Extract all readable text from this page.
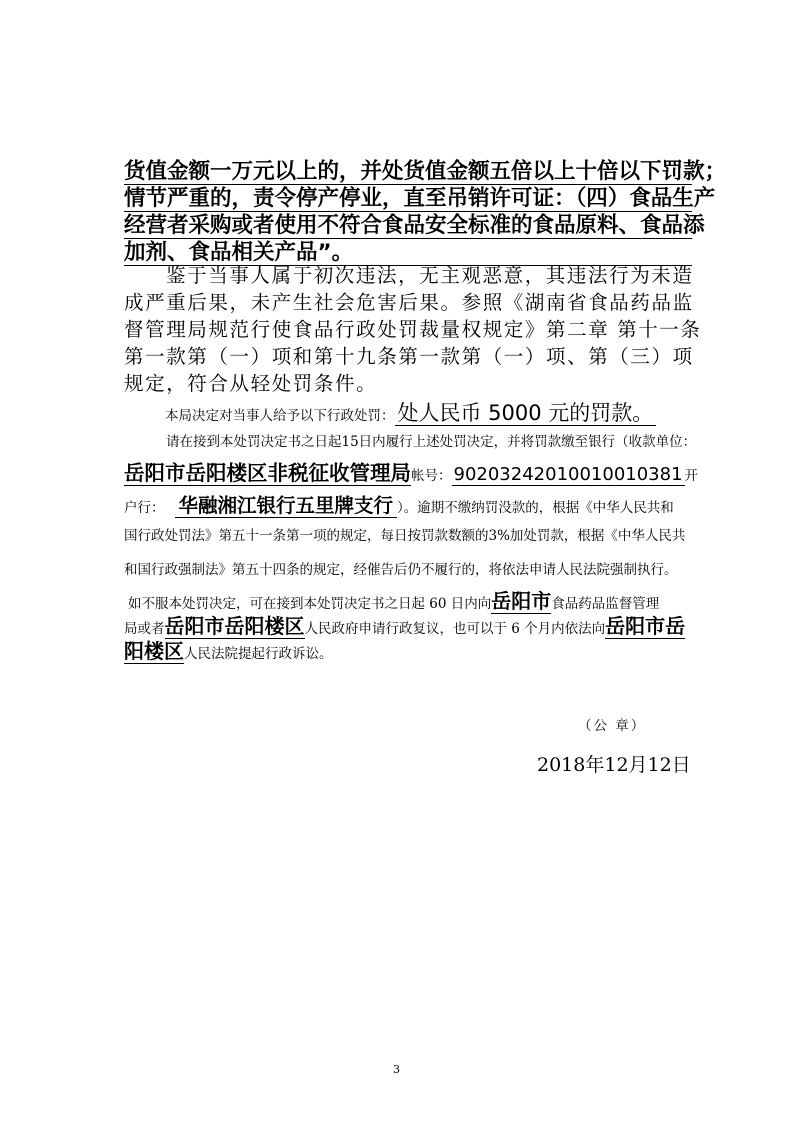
货值金额一万元以上的，并处货值金额五倍以上十倍以下罚款；
情节严重的，责令停产停业，直至吊销许可证：（四）食品生产
经营者采购或者使用不符合食品安全标准的食品原料、食品添
加剂、食品相关产品”。
鉴于当事人属于初次违法，无主观恶意，其违法行为未造
成严重后果，未产生社会危害后果。参照《湖南省食品药品监
督管理局规范行使食品行政处罚裁量权规定》第二章 第十一条
第一款第（一）项和第十九条第一款第（一）项、第（三）项
规定，符合从轻处罚条件。
本局决定对当事人给予以下行政处罚： 处人民币 5000 元的罚款。
请在接到本处罚决定书之日起15日内履行上述处罚决定，并将罚款缴至银行（收款单位：
岳阳市岳阳楼区非税征收管理局帐号： 90203242010010010381 开
户行： 华融湘江银行五里牌支行 ）。逾期不缴纳罚没款的，根据《中华人民共和
国行政处罚法》第五十一条第一项的规定，每日按罚款数额的3%加处罚款，根据《中华人民共
和国行政强制法》第五十四条的规定，经催告后仍不履行的，将依法申请人民法院强制执行。
如不服本处罚决定，可在接到本处罚决定书之日起 60 日内向岳阳市食品药品监督管理
局或者岳阳市岳阳楼区人民政府申请行政复议，也可以于 6 个月内依法向岳阳市岳
阳楼区人民法院提起行政诉讼。
（公 章）
2018年12月12日
3
